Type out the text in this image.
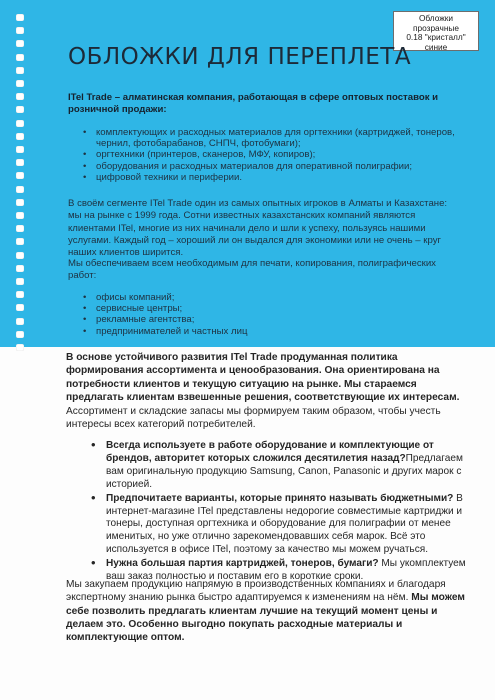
Обложки
прозрачные
0.18 "кристалл"
синие
ОБЛОЖКИ ДЛЯ ПЕРЕПЛЕТА
ITel Trade – алматинская компания, работающая в сфере оптовых поставок и розничной продажи:
• комплектующих и расходных материалов для оргтехники (картриджей, тонеров, чернил, фотобарабанов, СНПЧ, фотобумаги);
• оргтехники (принтеров, сканеров, МФУ, копиров);
• оборудования и расходных материалов для оперативной полиграфии;
• цифровой техники и периферии.
В своём сегменте ITel Trade один из самых опытных игроков в Алматы и Казахстане: мы на рынке с 1999 года. Сотни известных казахстанских компаний являются клиентами ITel, многие из них начинали дело и шли к успеху, пользуясь нашими услугами. Каждый год – хороший ли он выдался для экономики или не очень – круг наших клиентов ширится.
Мы обеспечиваем всем необходимым для печати, копирования, полиграфических работ:
• офисы компаний;
• сервисные центры;
• рекламные агентства;
• предпринимателей и частных лиц
В основе устойчивого развития ITel Trade продуманная политика формирования ассортимента и ценообразования. Она ориентирована на потребности клиентов и текущую ситуацию на рынке. Мы стараемся предлагать клиентам взвешенные решения, соответствующие их интересам.
Ассортимент и складские запасы мы формируем таким образом, чтобы учесть интересы всех категорий потребителей.
• Всегда используете в работе оборудование и комплектующие от брендов, авторитет которых сложился десятилетия назад?Предлагаем вам оригинальную продукцию Samsung, Canon, Panasonic и других марок с историей.
• Предпочитаете варианты, которые принято называть бюджетными? В интернет-магазине ITel представлены недорогие совместимые картриджи и тонеры, доступная оргтехника и оборудование для полиграфии от менее именитых, но уже отлично зарекомендовавших себя марок. Всё это используется в офисе ITel, поэтому за качество мы можем ручаться.
• Нужна большая партия картриджей, тонеров, бумаги? Мы укомплектуем ваш заказ полностью и поставим его в короткие сроки.
Мы закупаем продукцию напрямую в производственных компаниях и благодаря экспертному знанию рынка быстро адаптируемся к изменениям на нём. Мы можем себе позволить предлагать клиентам лучшие на текущий момент цены и делаем это. Особенно выгодно покупать расходные материалы и комплектующие оптом.
